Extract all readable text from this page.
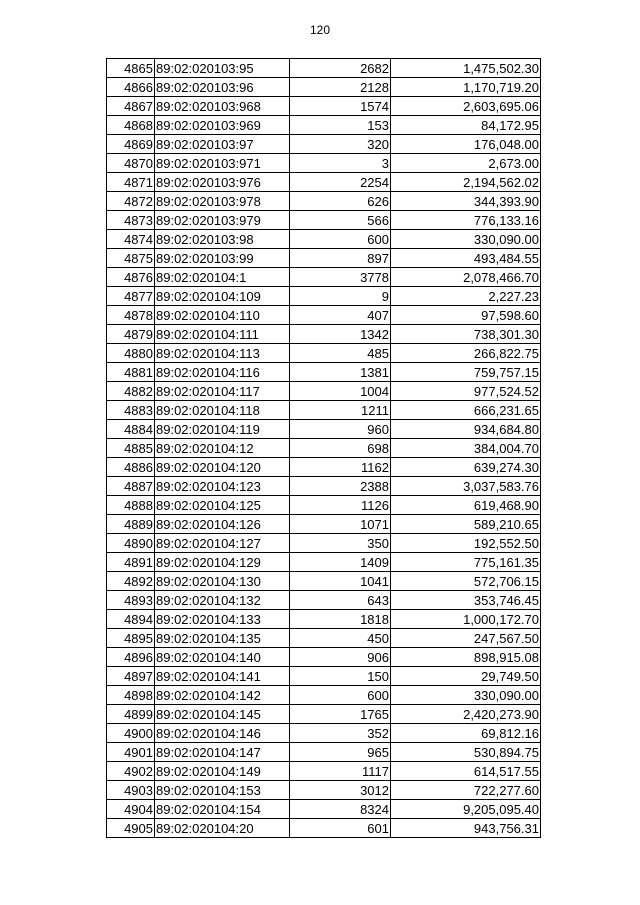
120
4865	89:02:020103:95	2682	1,475,502.30
4866	89:02:020103:96	2128	1,170,719.20
4867	89:02:020103:968	1574	2,603,695.06
4868	89:02:020103:969	153	84,172.95
4869	89:02:020103:97	320	176,048.00
4870	89:02:020103:971	3	2,673.00
4871	89:02:020103:976	2254	2,194,562.02
4872	89:02:020103:978	626	344,393.90
4873	89:02:020103:979	566	776,133.16
4874	89:02:020103:98	600	330,090.00
4875	89:02:020103:99	897	493,484.55
4876	89:02:020104:1	3778	2,078,466.70
4877	89:02:020104:109	9	2,227.23
4878	89:02:020104:110	407	97,598.60
4879	89:02:020104:111	1342	738,301.30
4880	89:02:020104:113	485	266,822.75
4881	89:02:020104:116	1381	759,757.15
4882	89:02:020104:117	1004	977,524.52
4883	89:02:020104:118	1211	666,231.65
4884	89:02:020104:119	960	934,684.80
4885	89:02:020104:12	698	384,004.70
4886	89:02:020104:120	1162	639,274.30
4887	89:02:020104:123	2388	3,037,583.76
4888	89:02:020104:125	1126	619,468.90
4889	89:02:020104:126	1071	589,210.65
4890	89:02:020104:127	350	192,552.50
4891	89:02:020104:129	1409	775,161.35
4892	89:02:020104:130	1041	572,706.15
4893	89:02:020104:132	643	353,746.45
4894	89:02:020104:133	1818	1,000,172.70
4895	89:02:020104:135	450	247,567.50
4896	89:02:020104:140	906	898,915.08
4897	89:02:020104:141	150	29,749.50
4898	89:02:020104:142	600	330,090.00
4899	89:02:020104:145	1765	2,420,273.90
4900	89:02:020104:146	352	69,812.16
4901	89:02:020104:147	965	530,894.75
4902	89:02:020104:149	1117	614,517.55
4903	89:02:020104:153	3012	722,277.60
4904	89:02:020104:154	8324	9,205,095.40
4905	89:02:020104:20	601	943,756.31
